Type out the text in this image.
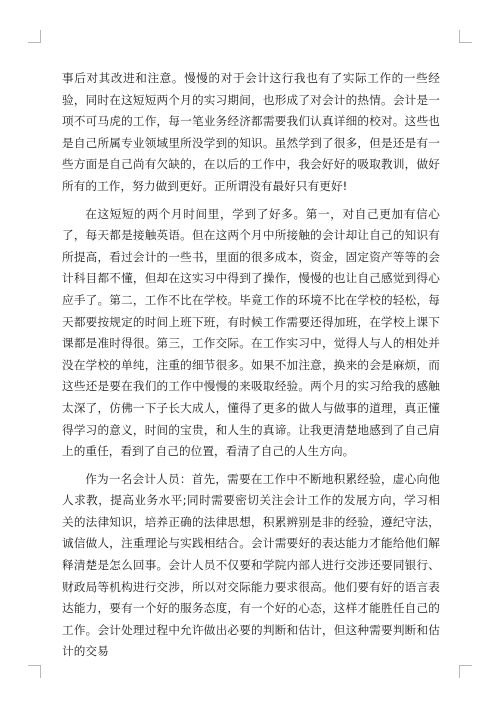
事后对其改进和注意。慢慢的对于会计这行我也有了实际工作的一些经验，同时在这短短两个月的实习期间，也形成了对会计的热情。会计是一项不可马虎的工作，每一笔业务经济都需要我们认真详细的校对。这些也是自己所属专业领域里所没学到的知识。虽然学到了很多，但是还是有一些方面是自己尚有欠缺的，在以后的工作中，我会好好的吸取教训，做好所有的工作，努力做到更好。正所谓没有最好只有更好!

在这短短的两个月时间里，学到了好多。第一，对自己更加有信心了，每天都是接触英语。但在这两个月中所接触的会计却让自己的知识有所提高，看过会计的一些书，里面的很多成本，资金，固定资产等等的会计科目都不懂，但却在这实习中得到了操作，慢慢的也让自己感觉到得心应手了。第二，工作不比在学校。毕竟工作的环境不比在学校的轻松，每天都要按规定的时间上班下班，有时候工作需要还得加班，在学校上课下课都是准时得很。第三，工作交际。在工作实习中，觉得人与人的相处并没在学校的单纯，注重的细节很多。如果不加注意，换来的会是麻烦，而这些还是要在我们的工作中慢慢的来吸取经验。两个月的实习给我的感触太深了，仿佛一下子长大成人，懂得了更多的做人与做事的道理，真正懂得学习的意义，时间的宝贵，和人生的真谛。让我更清楚地感到了自己肩上的重任，看到了自己的位置，看清了自己的人生方向。

作为一名会计人员：首先，需要在工作中不断地积累经验，虚心向他人求教，提高业务水平;同时需要密切关注会计工作的发展方向，学习相关的法律知识，培养正确的法律思想，积累辨别是非的经验，遵纪守法，诚信做人，注重理论与实践相结合。会计需要好的表达能力才能给他们解释清楚是怎么回事。会计人员不仅要和学院内部人进行交涉还要同银行、财政局等机构进行交涉，所以对交际能力要求很高。他们要有好的语言表达能力，要有一个好的服务态度，有一个好的心态，这样才能胜任自己的工作。会计处理过程中允许做出必要的判断和估计，但这种需要判断和估计的交易
